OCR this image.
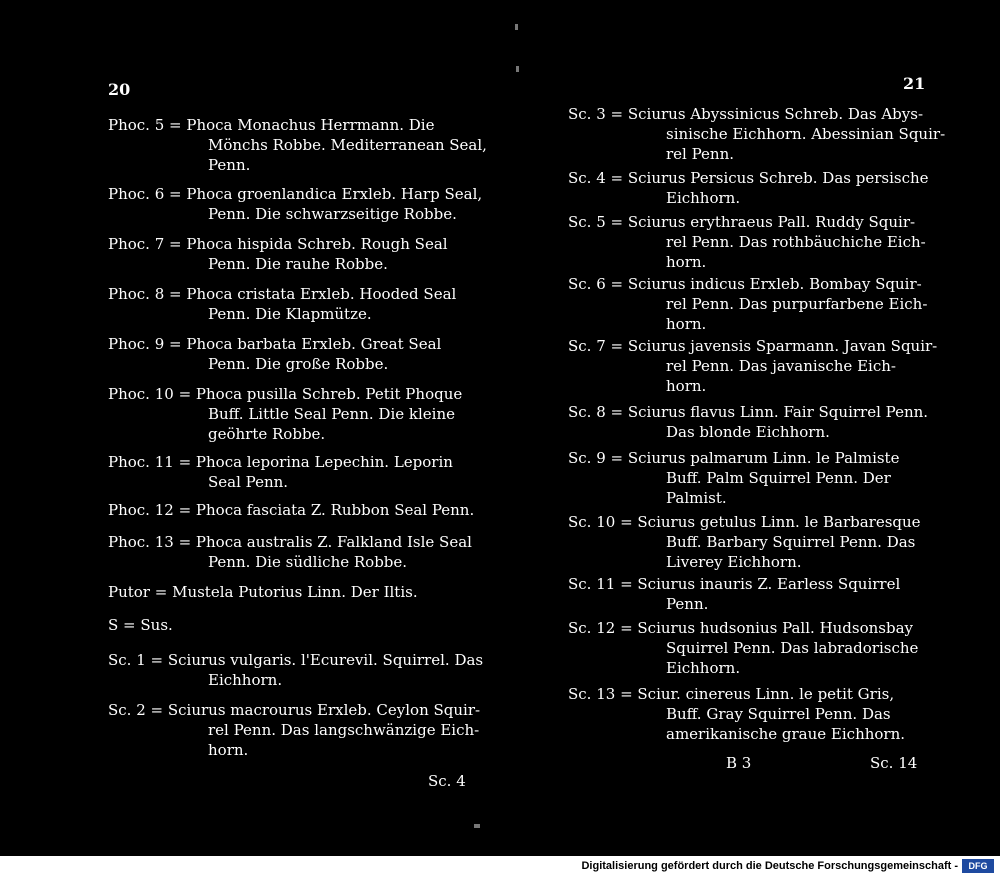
20
Phoc. 5 = Phoca Monachus Herrmann. Die
Mönchs Robbe. Mediterranean Seal,
Penn.
Phoc. 6 = Phoca groenlandica Erxleb. Harp Seal,
Penn. Die schwarzseitige Robbe.
Phoc. 7 = Phoca hispida Schreb. Rough Seal
Penn. Die rauhe Robbe.
Phoc. 8 = Phoca cristata Erxleb. Hooded Seal
Penn. Die Klapmütze.
Phoc. 9 = Phoca barbata Erxleb. Great Seal
Penn. Die große Robbe.
Phoc. 10 = Phoca pusilla Schreb. Petit Phoque
Buff. Little Seal Penn. Die kleine
geöhrte Robbe.
Phoc. 11 = Phoca leporina Lepechin. Leporin
Seal Penn.
Phoc. 12 = Phoca fasciata Z. Rubbon Seal Penn.
Phoc. 13 = Phoca australis Z. Falkland Isle Seal
Penn. Die südliche Robbe.
Putor = Mustela Putorius Linn. Der Iltis.
S = Sus.
Sc. 1 = Sciurus vulgaris. l'Ecurevil. Squirrel. Das
Eichhorn.
Sc. 2 = Sciurus macrourus Erxleb. Ceylon Squir-
rel Penn. Das langschwänzige Eich-
horn.
Sc. 4
21
Sc. 3 = Sciurus Abyssinicus Schreb. Das Abys-
sinische Eichhorn. Abessinian Squir-
rel Penn.
Sc. 4 = Sciurus Persicus Schreb. Das persische
Eichhorn.
Sc. 5 = Sciurus erythraeus Pall. Ruddy Squir-
rel Penn. Das rothbäuchiche Eich-
horn.
Sc. 6 = Sciurus indicus Erxleb. Bombay Squir-
rel Penn. Das purpurfarbene Eich-
horn.
Sc. 7 = Sciurus javensis Sparmann. Javan Squir-
rel Penn. Das javanische Eich-
horn.
Sc. 8 = Sciurus flavus Linn. Fair Squirrel Penn.
Das blonde Eichhorn.
Sc. 9 = Sciurus palmarum Linn. le Palmiste
Buff. Palm Squirrel Penn. Der
Palmist.
Sc. 10 = Sciurus getulus Linn. le Barbaresque
Buff. Barbary Squirrel Penn. Das
Liverey Eichhorn.
Sc. 11 = Sciurus inauris Z. Earless Squirrel
Penn.
Sc. 12 = Sciurus hudsonius Pall. Hudsonsbay
Squirrel Penn. Das labradorische
Eichhorn.
Sc. 13 = Sciur. cinereus Linn. le petit Gris,
Buff. Gray Squirrel Penn. Das
amerikanische graue Eichhorn.
B 3	Sc. 14
Digitalisierung gefördert durch die Deutsche Forschungsgemeinschaft -	DFG
